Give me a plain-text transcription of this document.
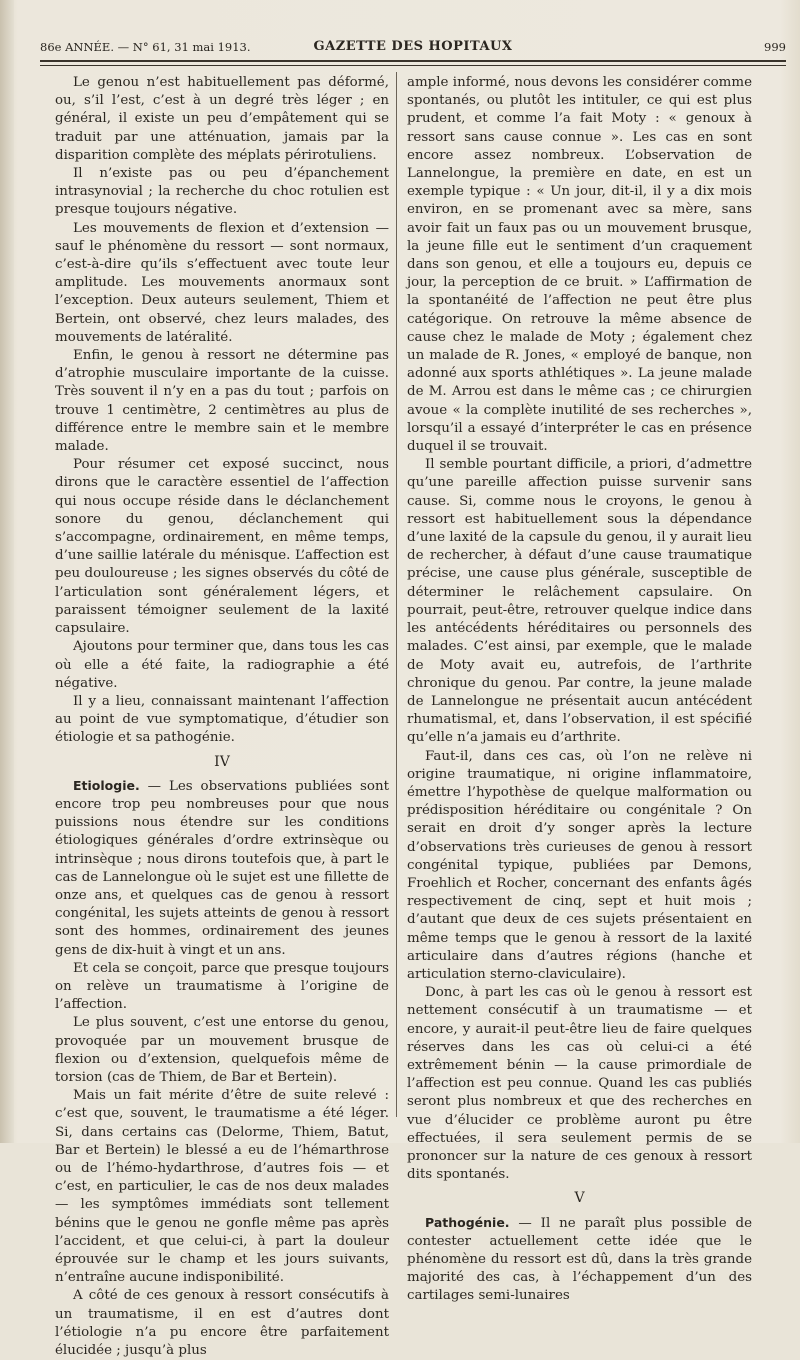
86e ANNÉE. — N° 61, 31 mai 1913.	GAZETTE DES HOPITAUX	999

Le genou n’est habituellement pas déformé, ou, s’il l’est, c’est à un degré très léger ; en général, il existe un peu d’empâtement qui se traduit par une atténuation, jamais par la disparition complète des méplats périrotuliens.

Il n’existe pas ou peu d’épanchement intrasynovial ; la recherche du choc rotulien est presque toujours négative.

Les mouvements de flexion et d’extension — sauf le phénomène du ressort — sont normaux, c’est-à-dire qu’ils s’effectuent avec toute leur amplitude. Les mouvements anormaux sont l’exception. Deux auteurs seulement, Thiem et Bertein, ont observé, chez leurs malades, des mouvements de latéralité.

Enfin, le genou à ressort ne détermine pas d’atrophie musculaire importante de la cuisse. Très souvent il n’y en a pas du tout ; parfois on trouve 1 centimètre, 2 centimètres au plus de différence entre le membre sain et le membre malade.

Pour résumer cet exposé succinct, nous dirons que le caractère essentiel de l’affection qui nous occupe réside dans le déclanchement sonore du genou, déclanchement qui s’accompagne, ordinairement, en même temps, d’une saillie latérale du ménisque. L’affection est peu douloureuse ; les signes observés du côté de l’articulation sont généralement légers, et paraissent témoigner seulement de la laxité capsulaire.

Ajoutons pour terminer que, dans tous les cas où elle a été faite, la radiographie a été négative.

Il y a lieu, connaissant maintenant l’affection au point de vue symptomatique, d’étudier son étiologie et sa pathogénie.

IV

Etiologie. — Les observations publiées sont encore trop peu nombreuses pour que nous puissions nous étendre sur les conditions étiologiques générales d’ordre extrinsèque ou intrinsèque ; nous dirons toutefois que, à part le cas de Lannelongue où le sujet est une fillette de onze ans, et quelques cas de genou à ressort congénital, les sujets atteints de genou à ressort sont des hommes, ordinairement des jeunes gens de dix-huit à vingt et un ans.

Et cela se conçoit, parce que presque toujours on relève un traumatisme à l’origine de l’affection.

Le plus souvent, c’est une entorse du genou, provoquée par un mouvement brusque de flexion ou d’extension, quelquefois même de torsion (cas de Thiem, de Bar et Bertein).

Mais un fait mérite d’être de suite relevé : c’est que, souvent, le traumatisme a été léger. Si, dans certains cas (Delorme, Thiem, Batut, Bar et Bertein) le blessé a eu de l’hémarthrose ou de l’hémo-hydarthrose, d’autres fois — et c’est, en particulier, le cas de nos deux malades — les symptômes immédiats sont tellement bénins que le genou ne gonfle même pas après l’accident, et que celui-ci, à part la douleur éprouvée sur le champ et les jours suivants, n’entraîne aucune indisponibilité.

A côté de ces genoux à ressort consécutifs à un traumatisme, il en est d’autres dont l’étiologie n’a pu encore être parfaitement élucidée ; jusqu’à plus

ample informé, nous devons les considérer comme spontanés, ou plutôt les intituler, ce qui est plus prudent, et comme l’a fait Moty : « genoux à ressort sans cause connue ». Les cas en sont encore assez nombreux. L’observation de Lannelongue, la première en date, en est un exemple typique : « Un jour, dit-il, il y a dix mois environ, en se promenant avec sa mère, sans avoir fait un faux pas ou un mouvement brusque, la jeune fille eut le sentiment d’un craquement dans son genou, et elle a toujours eu, depuis ce jour, la perception de ce bruit. » L’affirmation de la spontanéité de l’affection ne peut être plus catégorique. On retrouve la même absence de cause chez le malade de Moty ; également chez un malade de R. Jones, « employé de banque, non adonné aux sports athlétiques ». La jeune malade de M. Arrou est dans le même cas ; ce chirurgien avoue « la complète inutilité de ses recherches », lorsqu’il a essayé d’interpréter le cas en présence duquel il se trouvait.

Il semble pourtant difficile, a priori, d’admettre qu’une pareille affection puisse survenir sans cause. Si, comme nous le croyons, le genou à ressort est habituellement sous la dépendance d’une laxité de la capsule du genou, il y aurait lieu de rechercher, à défaut d’une cause traumatique précise, une cause plus générale, susceptible de déterminer le relâchement capsulaire. On pourrait, peut-être, retrouver quelque indice dans les antécédents héréditaires ou personnels des malades. C’est ainsi, par exemple, que le malade de Moty avait eu, autrefois, de l’arthrite chronique du genou. Par contre, la jeune malade de Lannelongue ne présentait aucun antécédent rhumatismal, et, dans l’observation, il est spécifié qu’elle n’a jamais eu d’arthrite.

Faut-il, dans ces cas, où l’on ne relève ni origine traumatique, ni origine inflammatoire, émettre l’hypothèse de quelque malformation ou prédisposition héréditaire ou congénitale ? On serait en droit d’y songer après la lecture d’observations très curieuses de genou à ressort congénital typique, publiées par Demons, Froehlich et Rocher, concernant des enfants âgés respectivement de cinq, sept et huit mois ; d’autant que deux de ces sujets présentaient en même temps que le genou à ressort de la laxité articulaire dans d’autres régions (hanche et articulation sterno-claviculaire).

Donc, à part les cas où le genou à ressort est nettement consécutif à un traumatisme — et encore, y aurait-il peut-être lieu de faire quelques réserves dans les cas où celui-ci a été extrêmement bénin — la cause primordiale de l’affection est peu connue. Quand les cas publiés seront plus nombreux et que des recherches en vue d’élucider ce problème auront pu être effectuées, il sera seulement permis de se prononcer sur la nature de ces genoux à ressort dits spontanés.

V

Pathogénie. — Il ne paraît plus possible de contester actuellement cette idée que le phénomène du ressort est dû, dans la très grande majorité des cas, à l’échappement d’un des cartilages semi-lunaires
